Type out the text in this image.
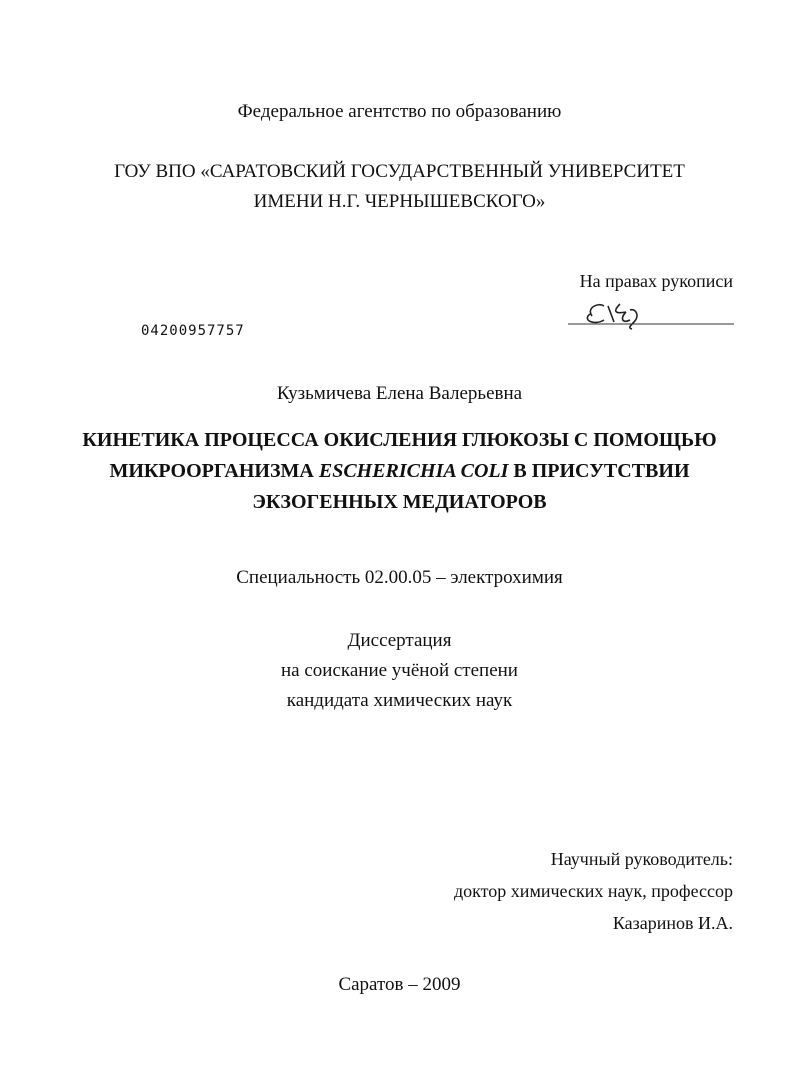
Федеральное агентство по образованию
ГОУ ВПО «САРАТОВСКИЙ ГОСУДАРСТВЕННЫЙ УНИВЕРСИТЕТ
ИМЕНИ Н.Г. ЧЕРНЫШЕВСКОГО»
На правах рукописи
04200957757
Кузьмичева Елена Валерьевна
КИНЕТИКА ПРОЦЕССА ОКИСЛЕНИЯ ГЛЮКОЗЫ С ПОМОЩЬЮ
МИКРООРГАНИЗМА ESCHERICHIA COLI В ПРИСУТСТВИИ
ЭКЗОГЕННЫХ МЕДИАТОРОВ
Специальность 02.00.05 – электрохимия
Диссертация
на соискание учёной степени
кандидата химических наук
Научный руководитель:
доктор химических наук, профессор
Казаринов И.А.
Саратов – 2009
